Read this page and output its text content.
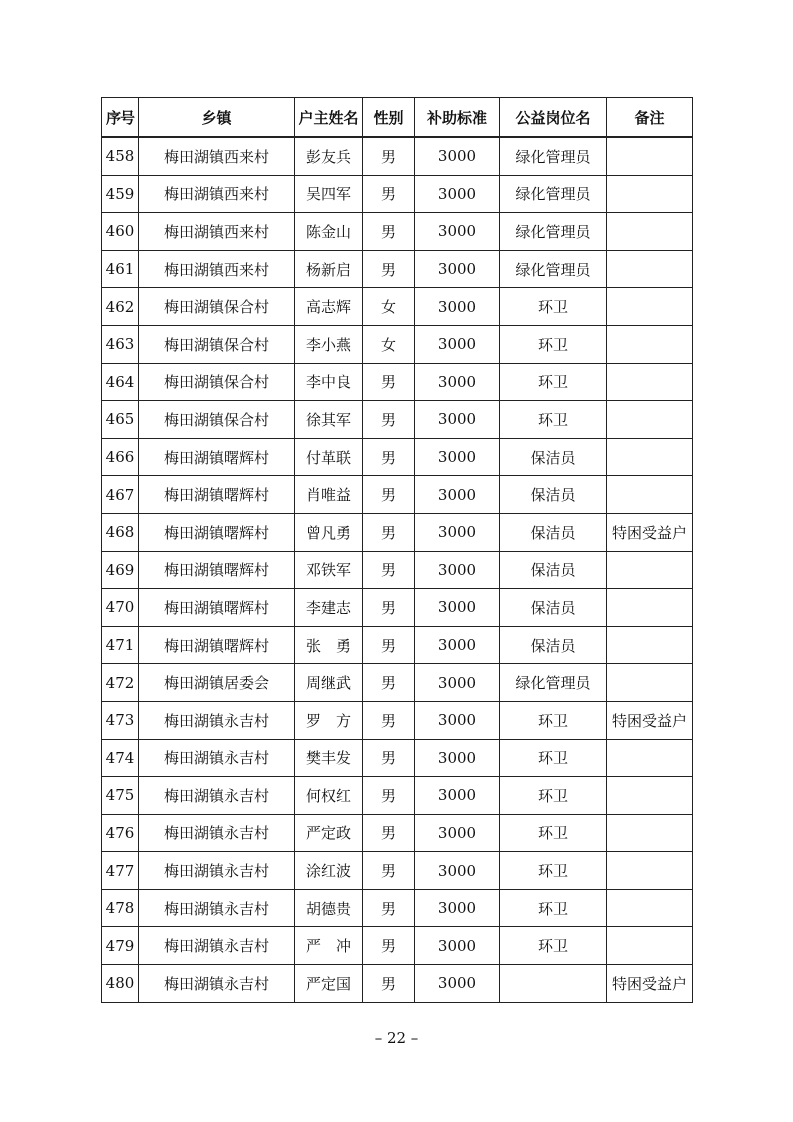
序号	乡镇	户主姓名	性别	补助标准	公益岗位名	备注
458	梅田湖镇西来村	彭友兵	男	3000	绿化管理员	
459	梅田湖镇西来村	吴四军	男	3000	绿化管理员	
460	梅田湖镇西来村	陈金山	男	3000	绿化管理员	
461	梅田湖镇西来村	杨新启	男	3000	绿化管理员	
462	梅田湖镇保合村	高志辉	女	3000	环卫	
463	梅田湖镇保合村	李小燕	女	3000	环卫	
464	梅田湖镇保合村	李中良	男	3000	环卫	
465	梅田湖镇保合村	徐其军	男	3000	环卫	
466	梅田湖镇曙辉村	付革联	男	3000	保洁员	
467	梅田湖镇曙辉村	肖唯益	男	3000	保洁员	
468	梅田湖镇曙辉村	曾凡勇	男	3000	保洁员	特困受益户
469	梅田湖镇曙辉村	邓铁军	男	3000	保洁员	
470	梅田湖镇曙辉村	李建志	男	3000	保洁员	
471	梅田湖镇曙辉村	张　勇	男	3000	保洁员	
472	梅田湖镇居委会	周继武	男	3000	绿化管理员	
473	梅田湖镇永吉村	罗　方	男	3000	环卫	特困受益户
474	梅田湖镇永吉村	樊丰发	男	3000	环卫	
475	梅田湖镇永吉村	何权红	男	3000	环卫	
476	梅田湖镇永吉村	严定政	男	3000	环卫	
477	梅田湖镇永吉村	涂红波	男	3000	环卫	
478	梅田湖镇永吉村	胡德贵	男	3000	环卫	
479	梅田湖镇永吉村	严　冲	男	3000	环卫	
480	梅田湖镇永吉村	严定国	男	3000		特困受益户
– 22 –
